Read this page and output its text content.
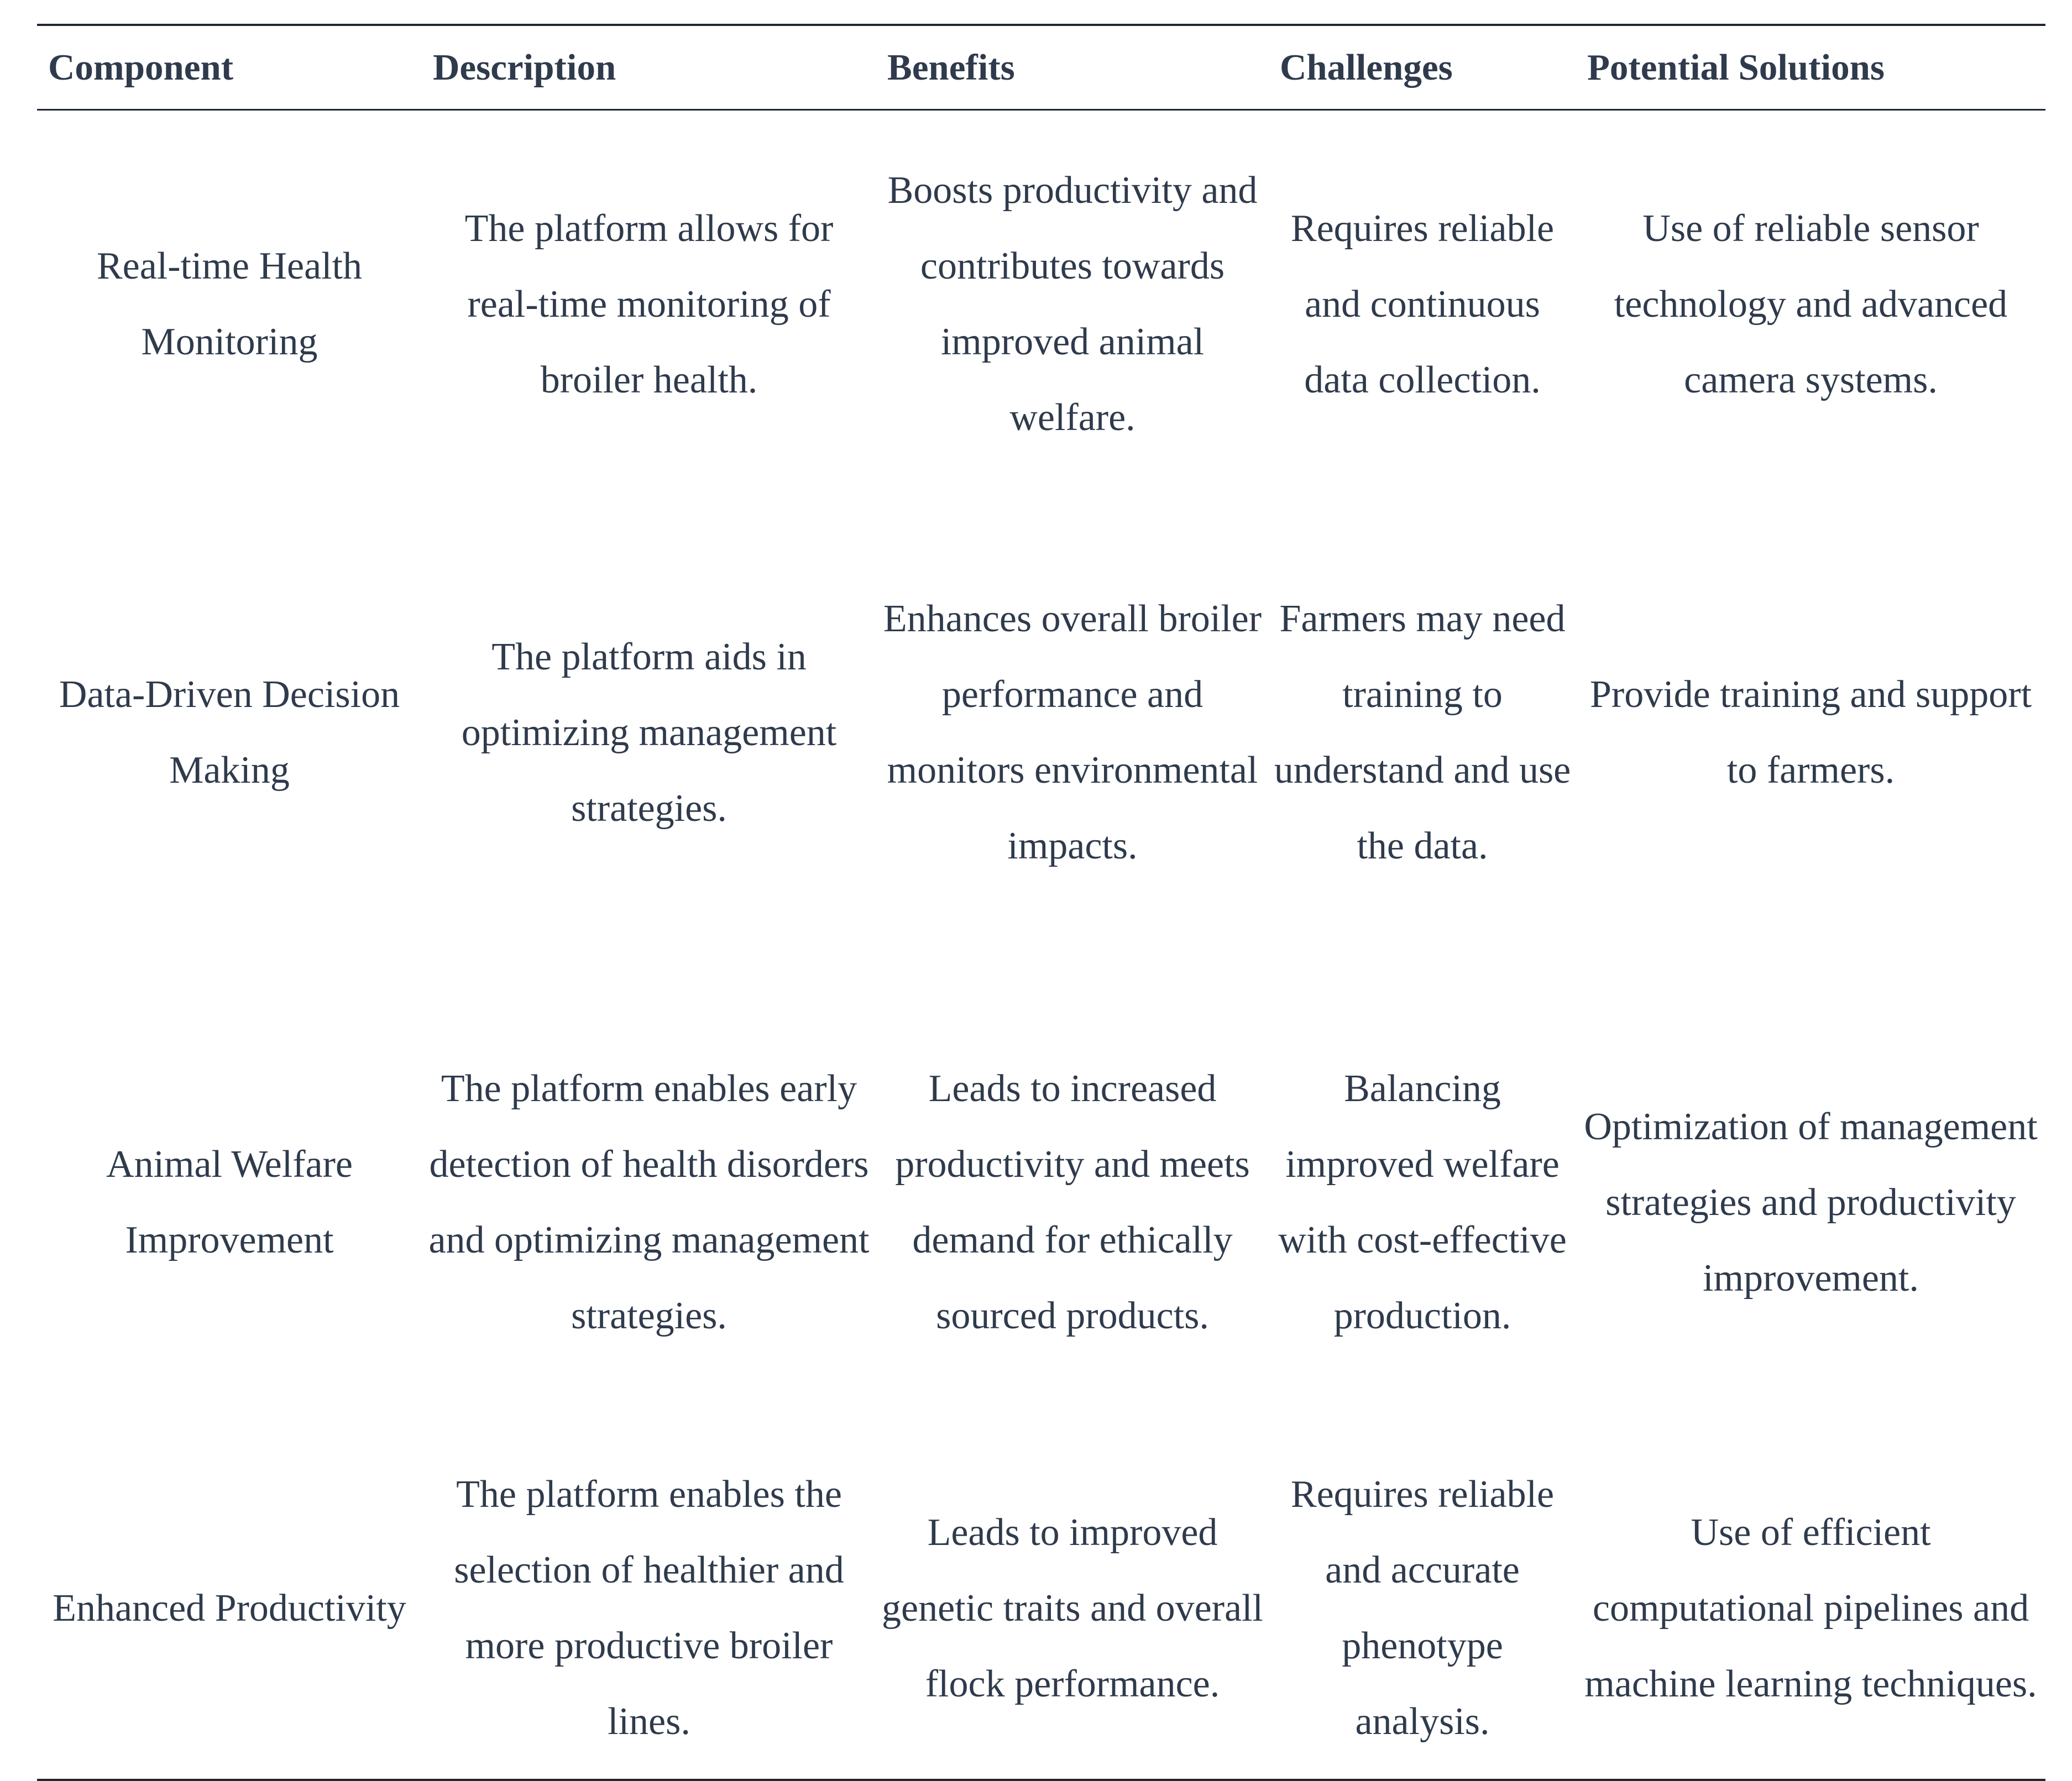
Component	Description	Benefits	Challenges	Potential Solutions
Real-time Health Monitoring	The platform allows for real-time monitoring of broiler health.	Boosts productivity and contributes towards improved animal welfare.	Requires reliable and continuous data collection.	Use of reliable sensor technology and advanced camera systems.
Data-Driven Decision Making	The platform aids in optimizing management strategies.	Enhances overall broiler performance and monitors environmental impacts.	Farmers may need training to understand and use the data.	Provide training and support to farmers.
Animal Welfare Improvement	The platform enables early detection of health disorders and optimizing management strategies.	Leads to increased productivity and meets demand for ethically sourced products.	Balancing improved welfare with cost-effective production.	Optimization of management strategies and productivity improvement.
Enhanced Productivity	The platform enables the selection of healthier and more productive broiler lines.	Leads to improved genetic traits and overall flock performance.	Requires reliable and accurate phenotype analysis.	Use of efficient computational pipelines and machine learning techniques.
